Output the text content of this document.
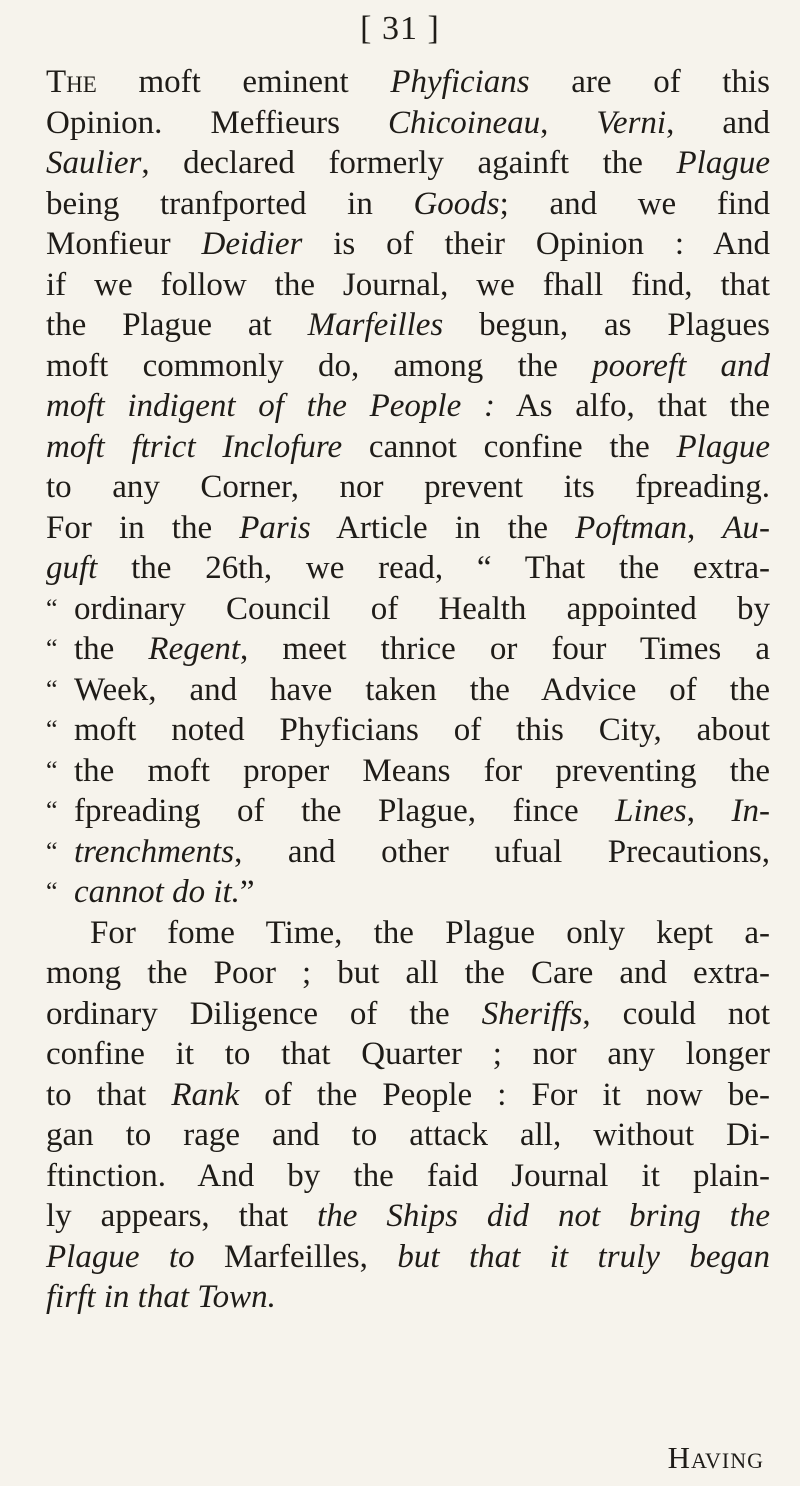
[ 31 ]
The moft eminent Phyficians are of this
Opinion. Meffieurs Chicoineau, Verni, and
Saulier, declared formerly againft the Plague
being tranfported in Goods; and we find
Monfieur Deidier is of their Opinion : And
if we follow the Journal, we fhall find, that
the Plague at Marfeilles begun, as Plagues
moft commonly do, among the pooreft and
moft indigent of the People : As alfo, that the
moft ftrict Inclofure cannot confine the Plague
to any Corner, nor prevent its fpreading.
For in the Paris Article in the Poftman, Au-
guft the 26th, we read, “ That the extra-
“ ordinary Council of Health appointed by
“ the Regent, meet thrice or four Times a
“ Week, and have taken the Advice of the
“ moft noted Phyficians of this City, about
“ the moft proper Means for preventing the
“ fpreading of the Plague, fince Lines, In-
“ trenchments, and other ufual Precautions,
“ cannot do it.”
For fome Time, the Plague only kept a-
mong the Poor ; but all the Care and extra-
ordinary Diligence of the Sheriffs, could not
confine it to that Quarter ; nor any longer
to that Rank of the People : For it now be-
gan to rage and to attack all, without Di-
ftinction. And by the faid Journal it plain-
ly appears, that the Ships did not bring the
Plague to Marfeilles, but that it truly began
firft in that Town.
Having
